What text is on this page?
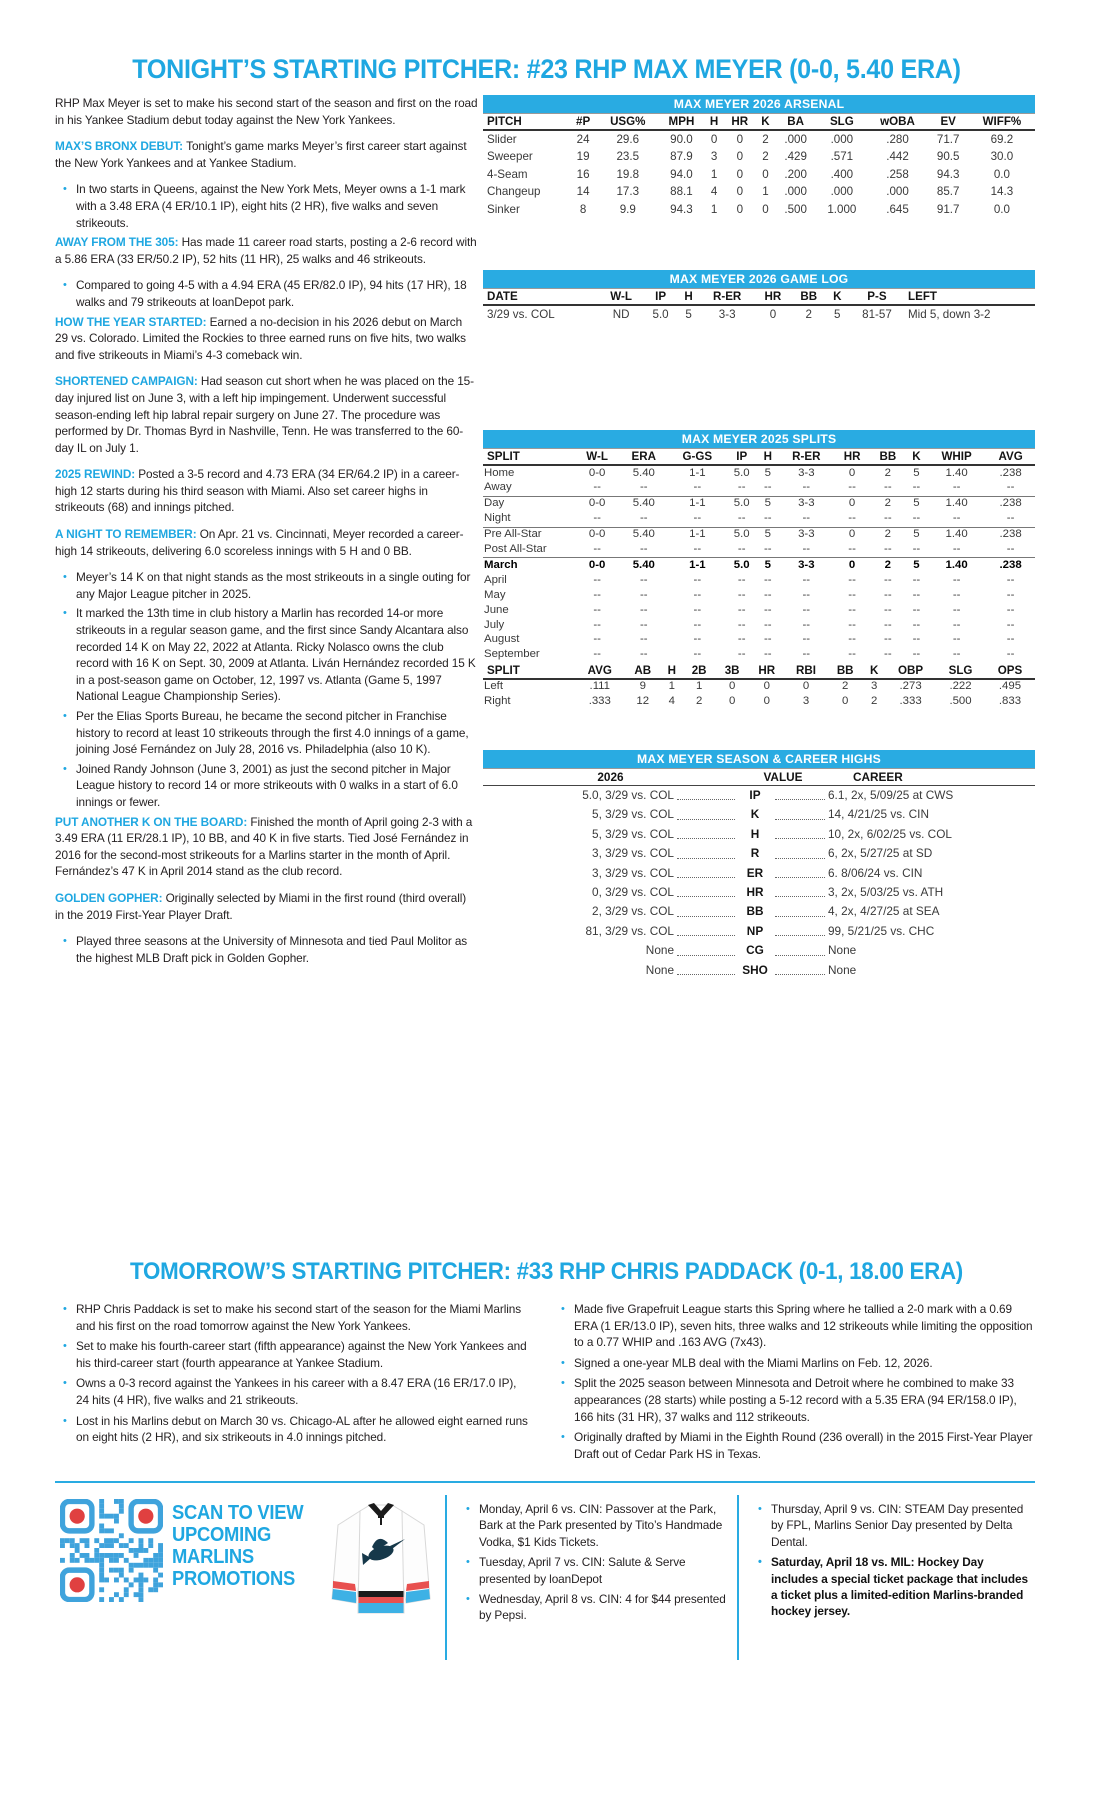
TONIGHT’S STARTING PITCHER: #23 RHP MAX MEYER (0-0, 5.40 ERA)

RHP Max Meyer is set to make his second start of the season and first on the road in his Yankee Stadium debut today against the New York Yankees.

MAX’S BRONX DEBUT: Tonight’s game marks Meyer’s first career start against the New York Yankees and at Yankee Stadium.

• In two starts in Queens, against the New York Mets, Meyer owns a 1-1 mark with a 3.48 ERA (4 ER/10.1 IP), eight hits (2 HR), five walks and seven strikeouts.

AWAY FROM THE 305: Has made 11 career road starts, posting a 2-6 record with a 5.86 ERA (33 ER/50.2 IP), 52 hits (11 HR), 25 walks and 46 strikeouts.

• Compared to going 4-5 with a 4.94 ERA (45 ER/82.0 IP), 94 hits (17 HR), 18 walks and 79 strikeouts at loanDepot park.

HOW THE YEAR STARTED: Earned a no-decision in his 2026 debut on March 29 vs. Colorado. Limited the Rockies to three earned runs on five hits, two walks and five strikeouts in Miami’s 4-3 comeback win.

SHORTENED CAMPAIGN: Had season cut short when he was placed on the 15-day injured list on June 3, with a left hip impingement. Underwent successful season-ending left hip labral repair surgery on June 27. The procedure was performed by Dr. Thomas Byrd in Nashville, Tenn. He was transferred to the 60-day IL on July 1.

2025 REWIND: Posted a 3-5 record and 4.73 ERA (34 ER/64.2 IP) in a career-high 12 starts during his third season with Miami. Also set career highs in strikeouts (68) and innings pitched.

A NIGHT TO REMEMBER: On Apr. 21 vs. Cincinnati, Meyer recorded a career-high 14 strikeouts, delivering 6.0 scoreless innings with 5 H and 0 BB.

• Meyer’s 14 K on that night stands as the most strikeouts in a single outing for any Major League pitcher in 2025.
• It marked the 13th time in club history a Marlin has recorded 14-or more strikeouts in a regular season game, and the first since Sandy Alcantara also recorded 14 K on May 22, 2022 at Atlanta. Ricky Nolasco owns the club record with 16 K on Sept. 30, 2009 at Atlanta. Liván Hernández recorded 15 K in a post-season game on October, 12, 1997 vs. Atlanta (Game 5, 1997 National League Championship Series).
• Per the Elias Sports Bureau, he became the second pitcher in Franchise history to record at least 10 strikeouts through the first 4.0 innings of a game, joining José Fernández on July 28, 2016 vs. Philadelphia (also 10 K).
• Joined Randy Johnson (June 3, 2001) as just the second pitcher in Major League history to record 14 or more strikeouts with 0 walks in a start of 6.0 innings or fewer.

PUT ANOTHER K ON THE BOARD: Finished the month of April going 2-3 with a 3.49 ERA (11 ER/28.1 IP), 10 BB, and 40 K in five starts. Tied José Fernández in 2016 for the second-most strikeouts for a Marlins starter in the month of April. Fernández’s 47 K in April 2014 stand as the club record.

GOLDEN GOPHER: Originally selected by Miami in the first round (third overall) in the 2019 First-Year Player Draft.

• Played three seasons at the University of Minnesota and tied Paul Molitor as the highest MLB Draft pick in Golden Gopher.
MAX MEYER 2026 ARSENAL
PITCH	#P	USG%	MPH	H	HR	K	BA	SLG	wOBA	EV	WIFF%
Slider	24	29.6	90.0	0	0	2	.000	.000	.280	71.7	69.2
Sweeper	19	23.5	87.9	3	0	2	.429	.571	.442	90.5	30.0
4-Seam	16	19.8	94.0	1	0	0	.200	.400	.258	94.3	0.0
Changeup	14	17.3	88.1	4	0	1	.000	.000	.000	85.7	14.3
Sinker	8	9.9	94.3	1	0	0	.500	1.000	.645	91.7	0.0
MAX MEYER 2026 GAME LOG
DATE	W-L	IP	H	R-ER	HR	BB	K	P-S	LEFT
3/29 vs. COL	ND	5.0	5	3-3	0	2	5	81-57	Mid 5, down 3-2
MAX MEYER 2025 SPLITS
SPLIT	W-L	ERA	G-GS	IP	H	R-ER	HR	BB	K	WHIP	AVG
Home	0-0	5.40	1-1	5.0	5	3-3	0	2	5	1.40	.238
Away	--	--	--	--	--	--	--	--	--	--	--
Day	0-0	5.40	1-1	5.0	5	3-3	0	2	5	1.40	.238
Night	--	--	--	--	--	--	--	--	--	--	--
Pre All-Star	0-0	5.40	1-1	5.0	5	3-3	0	2	5	1.40	.238
Post All-Star	--	--	--	--	--	--	--	--	--	--	--
March	0-0	5.40	1-1	5.0	5	3-3	0	2	5	1.40	.238
April	--	--	--	--	--	--	--	--	--	--	--
May	--	--	--	--	--	--	--	--	--	--	--
June	--	--	--	--	--	--	--	--	--	--	--
July	--	--	--	--	--	--	--	--	--	--	--
August	--	--	--	--	--	--	--	--	--	--	--
September	--	--	--	--	--	--	--	--	--	--	--
SPLIT	AVG	AB	H	2B	3B	HR	RBI	BB	K	OBP	SLG	OPS
Left	.111	9	1	1	0	0	0	2	3	.273	.222	.495
Right	.333	12	4	2	0	0	3	0	2	.333	.500	.833
MAX MEYER SEASON & CAREER HIGHS
2026	VALUE	CAREER
5.0, 3/29 vs. COL	IP	6.1, 2x, 5/09/25 at CWS
5, 3/29 vs. COL	K	14, 4/21/25 vs. CIN
5, 3/29 vs. COL	H	10, 2x, 6/02/25 vs. COL
3, 3/29 vs. COL	R	6, 2x, 5/27/25 at SD
3, 3/29 vs. COL	ER	6. 8/06/24 vs. CIN
0, 3/29 vs. COL	HR	3, 2x, 5/03/25 vs. ATH
2, 3/29 vs. COL	BB	4, 2x, 4/27/25 at SEA
81, 3/29 vs. COL	NP	99, 5/21/25 vs. CHC
None	CG	None
None	SHO	None
TOMORROW’S STARTING PITCHER: #33 RHP CHRIS PADDACK (0-1, 18.00 ERA)
• RHP Chris Paddack is set to make his second start of the season for the Miami Marlins and his first on the road tomorrow against the New York Yankees.
• Set to make his fourth-career start (fifth appearance) against the New York Yankees and his third-career start (fourth appearance at Yankee Stadium.
• Owns a 0-3 record against the Yankees in his career with a 8.47 ERA (16 ER/17.0 IP), 24 hits (4 HR), five walks and 21 strikeouts.
• Lost in his Marlins debut on March 30 vs. Chicago-AL after he allowed eight earned runs on eight hits (2 HR), and six strikeouts in 4.0 innings pitched.
• Made five Grapefruit League starts this Spring where he tallied a 2-0 mark with a 0.69 ERA (1 ER/13.0 IP), seven hits, three walks and 12 strikeouts while limiting the opposition to a 0.77 WHIP and .163 AVG (7x43).
• Signed a one-year MLB deal with the Miami Marlins on Feb. 12, 2026.
• Split the 2025 season between Minnesota and Detroit where he combined to make 33 appearances (28 starts) while posting a 5-12 record with a 5.35 ERA (94 ER/158.0 IP), 166 hits (31 HR), 37 walks and 112 strikeouts.
• Originally drafted by Miami in the Eighth Round (236 overall) in the 2015 First-Year Player Draft out of Cedar Park HS in Texas.
SCAN TO VIEW
UPCOMING
MARLINS
PROMOTIONS
• Monday, April 6 vs. CIN: Passover at the Park, Bark at the Park presented by Tito’s Handmade Vodka, $1 Kids Tickets.
• Tuesday, April 7 vs. CIN: Salute & Serve presented by loanDepot
• Wednesday, April 8 vs. CIN: 4 for $44 presented by Pepsi.
• Thursday, April 9 vs. CIN: STEAM Day presented by FPL, Marlins Senior Day presented by Delta Dental.
• Saturday, April 18 vs. MIL: Hockey Day includes a special ticket package that includes a ticket plus a limited-edition Marlins-branded hockey jersey.
